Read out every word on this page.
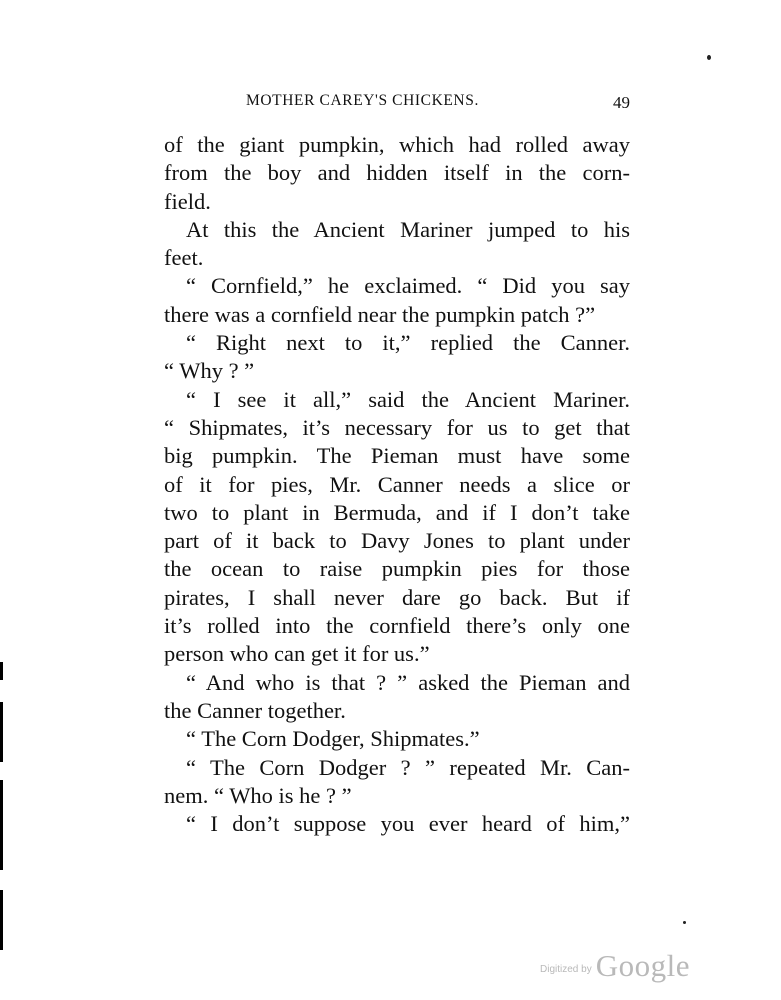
MOTHER CAREY'S CHICKENS.	49
of the giant pumpkin, which had rolled away
from the boy and hidden itself in the corn-
field.
At this the Ancient Mariner jumped to his
feet.
“ Cornfield,” he exclaimed. “ Did you say
there was a cornfield near the pumpkin patch ?”
“ Right next to it,” replied the Canner.
“ Why ? ”
“ I see it all,” said the Ancient Mariner.
“ Shipmates, it’s necessary for us to get that
big pumpkin. The Pieman must have some
of it for pies, Mr. Canner needs a slice or
two to plant in Bermuda, and if I don’t take
part of it back to Davy Jones to plant under
the ocean to raise pumpkin pies for those
pirates, I shall never dare go back. But if
it’s rolled into the cornfield there’s only one
person who can get it for us.”
“ And who is that ? ” asked the Pieman and
the Canner together.
“ The Corn Dodger, Shipmates.”
“ The Corn Dodger ? ” repeated Mr. Can-
nem. “ Who is he ? ”
“ I don’t suppose you ever heard of him,”
$^{Digitized by}$ Google
